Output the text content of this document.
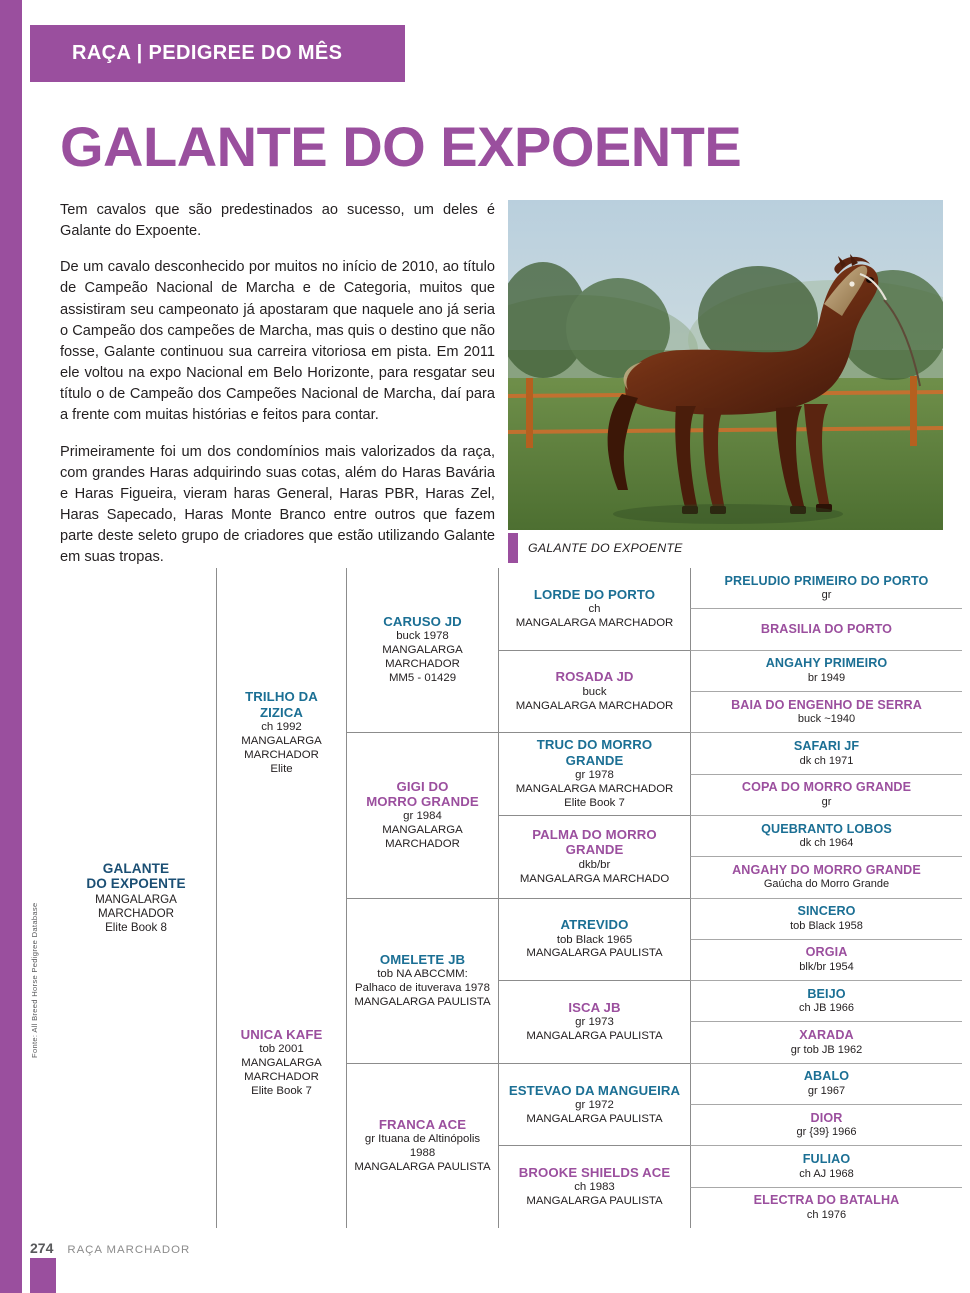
RAÇA | PEDIGREE DO MÊS
GALANTE DO EXPOENTE

Tem cavalos que são predestinados ao sucesso, um deles é Galante do Expoente.

De um cavalo desconhecido por muitos no início de 2010, ao título de Campeão Nacional de Marcha e de Categoria, muitos que assistiram seu campeonato já apostaram que naquele ano já seria o Campeão dos campeões de Marcha, mas quis o destino que não fosse, Galante continuou sua carreira vitoriosa em pista. Em 2011 ele voltou na expo Nacional em Belo Horizonte, para resgatar seu título o de Campeão dos Campeões Nacional de Marcha, daí para a frente com muitas histórias e feitos para contar.

Primeiramente foi um dos condomínios mais valorizados da raça, com grandes Haras adquirindo suas cotas, além do Haras Bavária e Haras Figueira, vieram haras General, Haras PBR, Haras Zel, Haras Sapecado, Haras Monte Branco entre outros que fazem parte deste seleto grupo de criadores que estão utilizando Galante em suas tropas.

GALANTE DO EXPOENTE
GALANTE
DO EXPOENTE
MANGALARGA MARCHADOR
Elite Book 8
TRILHO DA ZIZICA
ch 1992
MANGALARGA
MARCHADOR
Elite
UNICA KAFE
tob 2001
MANGALARGA
MARCHADOR
Elite Book 7
CARUSO JD
buck 1978
MANGALARGA MARCHADOR
MM5 - 01429
GIGI DO
MORRO GRANDE
gr 1984
MANGALARGA MARCHADOR
OMELETE JB
tob NA ABCCMM:
Palhaco de ituverava 1978
MANGALARGA PAULISTA
FRANCA ACE
gr Ituana de Altinópolis 1988
MANGALARGA PAULISTA
LORDE DO PORTO
ch
MANGALARGA MARCHADOR
ROSADA JD
buck
MANGALARGA MARCHADOR
TRUC DO MORRO GRANDE
gr 1978
MANGALARGA MARCHADOR
Elite Book 7
PALMA DO MORRO GRANDE
dkb/br
MANGALARGA MARCHADO
ATREVIDO
tob Black 1965
MANGALARGA PAULISTA
ISCA JB
gr 1973
MANGALARGA PAULISTA
ESTEVAO DA MANGUEIRA
gr 1972
MANGALARGA PAULISTA
BROOKE SHIELDS ACE
ch 1983
MANGALARGA PAULISTA
PRELUDIO PRIMEIRO DO PORTO
gr
BRASILIA DO PORTO
ANGAHY PRIMEIRO
br 1949
BAIA DO ENGENHO DE SERRA
buck ~1940
SAFARI JF
dk ch 1971
COPA DO MORRO GRANDE
gr
QUEBRANTO LOBOS
dk ch 1964
ANGAHY DO MORRO GRANDE
Gaúcha do Morro Grande
SINCERO
tob Black 1958
ORGIA
blk/br 1954
BEIJO
ch JB 1966
XARADA
gr tob JB 1962
ABALO
gr 1967
DIOR
gr {39} 1966
FULIAO
ch AJ 1968
ELECTRA DO BATALHA
ch 1976
Fonte: All Breed Horse Pedigree Database
274 RAÇA MARCHADOR
